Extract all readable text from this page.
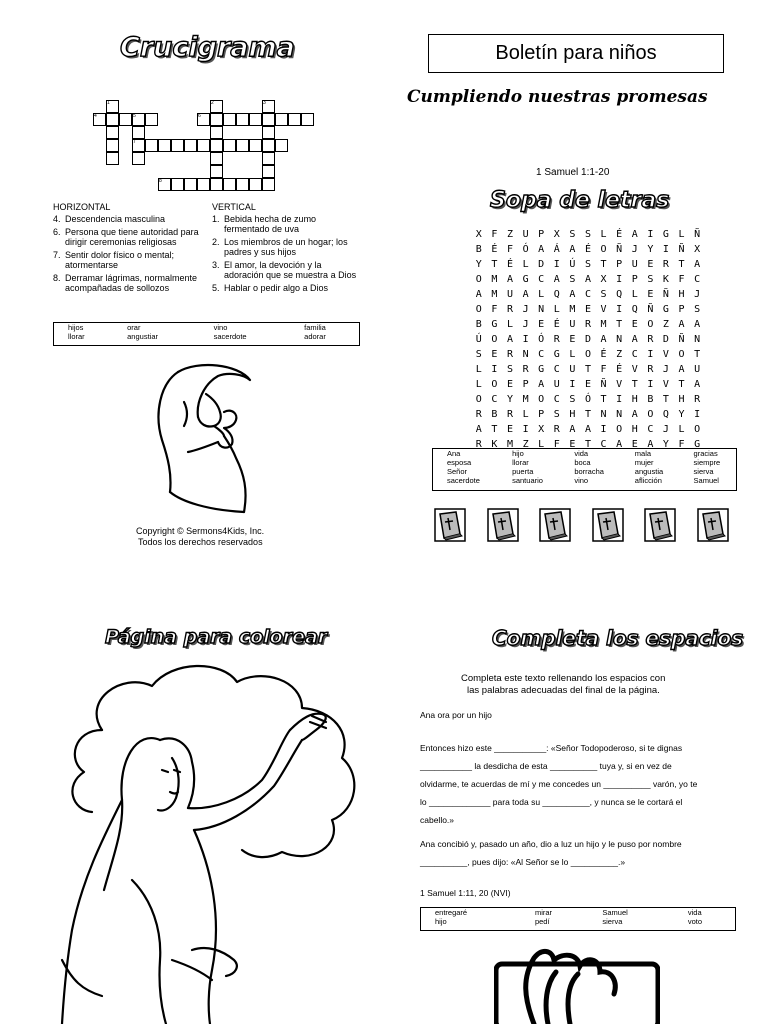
Crucigrama
1	2	3
4	5	6
7
8
HORIZONTAL
4. Descendencia masculina
6. Persona que tiene autoridad para dirigir ceremonias religiosas
7. Sentir dolor físico o mental; atormentarse
8. Derramar lágrimas, normalmente acompañadas de sollozos
VERTICAL
1. Bebida hecha de zumo fermentado de uva
2. Los miembros de un hogar; los padres y sus hijos
3. El amor, la devoción y la adoración que se muestra a Dios
5. Hablar o pedir algo a Dios
hijos	orar	vino	familia
llorar	angustiar	sacerdote	adorar
Copyright © Sermons4Kids, Inc.
Todos los derechos reservados
Boletín para niños
Cumpliendo nuestras promesas
1 Samuel 1:1-20
Sopa de letras
X F Z U P X S S L É A I G L Ñ
B É F Ó A Á A É O Ñ J Y I Ñ X
Y T É L D I Ú S T P U E R T A
O M A G C A S A X I P S K F C
A M U A L Q A C S Q L E Ñ H J
O F R J N L M E V I Q Ñ G P S
B G L J E É U R M T E O Z A A
Ú O A I Ó R E D A N A R D Ñ N
S E R N C G L O É Z C I V O T
L I S R G C U T F É V R J A U
L O E P A U I E Ñ V T I V T A
O C Y M O C S Ó T I H B T H R
R B R L P S H T N N A O Q Y I
A T E I X R A A I O H C J L O
R K M Z L F E T C A E A Y F G
Ana	hijo	vida	mala	gracias
esposa	llorar	boca	mujer	siempre
Señor	puerta	borracha	angustia	sierva
sacerdote	santuario	vino	aflicción	Samuel
Página para colorear	Completa los espacios
Completa este texto rellenando los espacios con
las palabras adecuadas del final de la página.
Ana ora por un hijo
Entonces hizo este ___________: «Señor Todopoderoso, si te dignas
___________ la desdicha de esta __________ tuya y, si en vez de
olvidarme, te acuerdas de mí y me concedes un __________ varón, yo te
lo _____________ para toda su __________, y nunca se le cortará el
cabello.»
Ana concibió y, pasado un año, dio a luz un hijo y le puso por nombre
__________, pues dijo: «Al Señor se lo __________.»
1 Samuel 1:11, 20 (NVI)
entregaré	mirar	Samuel	vida
hijo	pedí	sierva	voto
